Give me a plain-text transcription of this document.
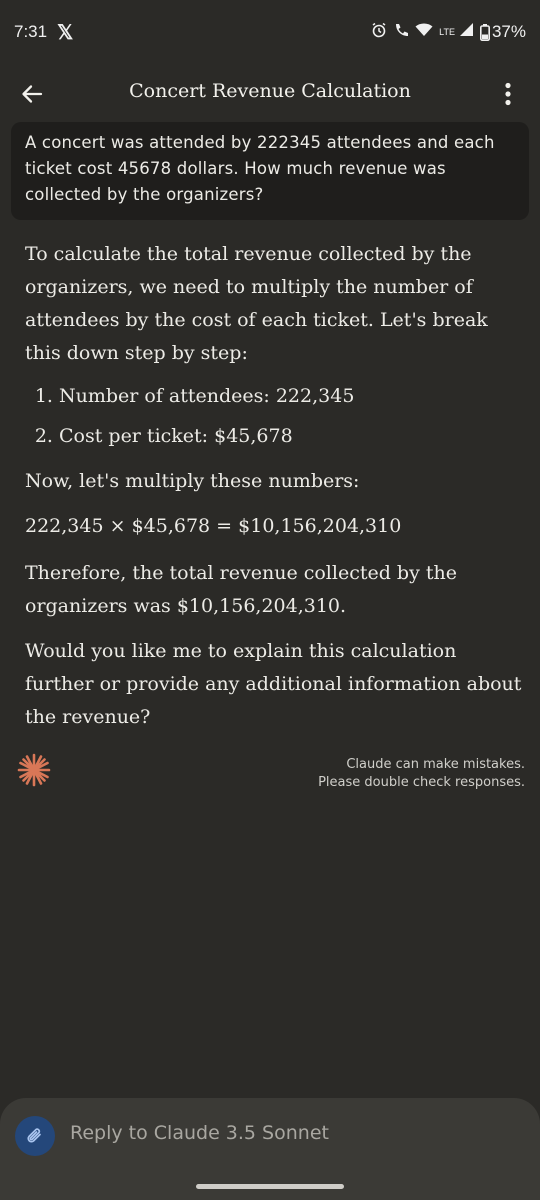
7:31 𝕏	LTE 37%
Concert Revenue Calculation
A concert was attended by 222345 attendees and each ticket cost 45678 dollars. How much revenue was collected by the organizers?

To calculate the total revenue collected by the organizers, we need to multiply the number of attendees by the cost of each ticket. Let's break this down step by step:

1. Number of attendees: 222,345
2. Cost per ticket: $45,678

Now, let's multiply these numbers:

222,345 × $45,678 = $10,156,204,310

Therefore, the total revenue collected by the organizers was $10,156,204,310.

Would you like me to explain this calculation further or provide any additional information about the revenue?

Claude can make mistakes.
Please double check responses.
Reply to Claude 3.5 Sonnet
